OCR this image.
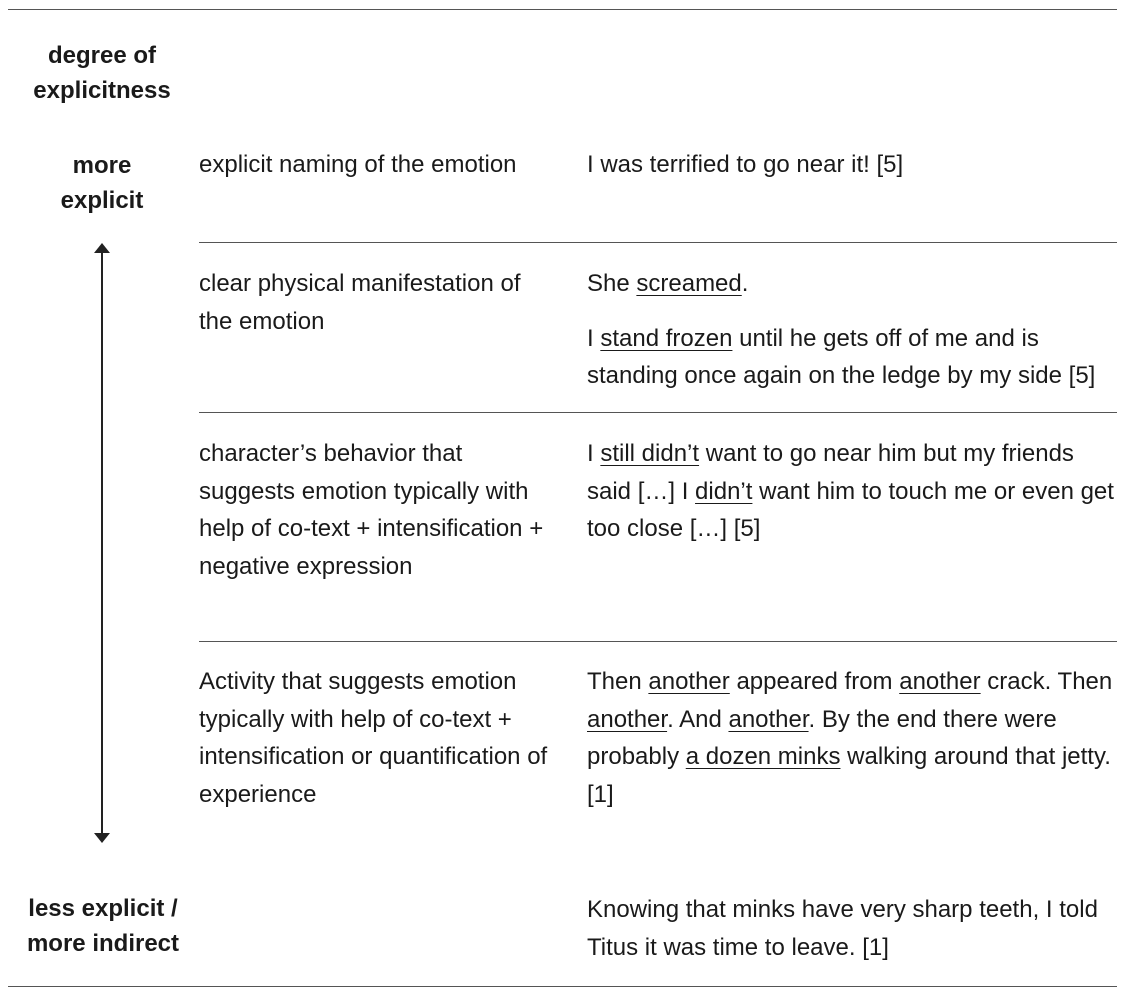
degree of explicitness
more explicit
less explicit / more indirect

explicit naming of the emotion	I was terrified to go near it! [5]

clear physical manifestation of the emotion

She screamed.

I stand frozen until he gets off of me and is standing once again on the ledge by my side [5]

character’s behavior that suggests emotion typically with help of co-text + intensification + negative expression

I still didn’t want to go near him but my friends said […] I didn’t want him to touch me or even get too close […] [5]

Activity that suggests emotion typically with help of co-text + intensification or quantification of experience

Then another appeared from another crack. Then another. And another. By the end there were probably a dozen minks walking around that jetty. [1]

Knowing that minks have very sharp teeth, I told Titus it was time to leave. [1]
